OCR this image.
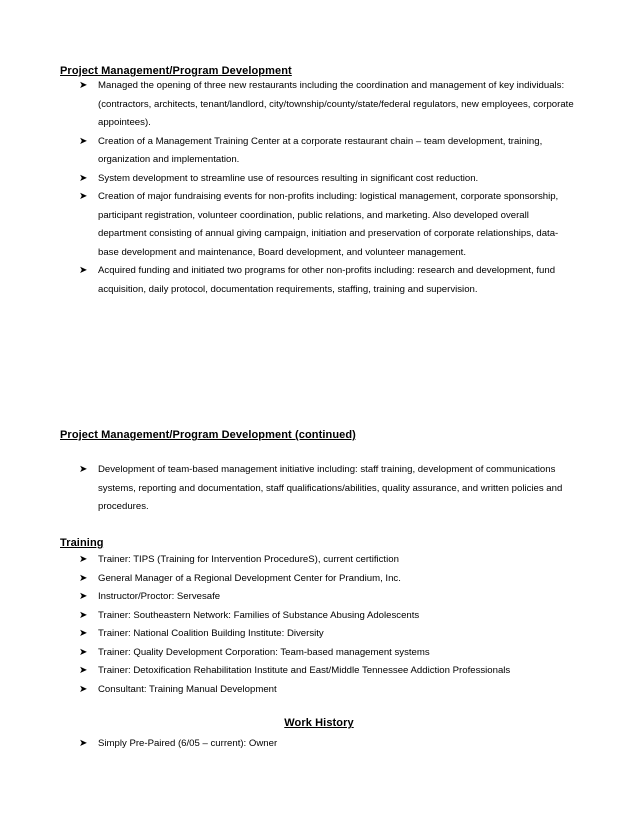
Project Management/Program Development
➤ Managed the opening of three new restaurants including the coordination and management of key individuals: (contractors, architects, tenant/landlord, city/township/county/state/federal regulators, new employees, corporate appointees).
➤ Creation of a Management Training Center at a corporate restaurant chain – team development, training, organization and implementation.
➤ System development to streamline use of resources resulting in significant cost reduction.
➤ Creation of major fundraising events for non-profits including: logistical management, corporate sponsorship, participant registration, volunteer coordination, public relations, and marketing. Also developed overall department consisting of annual giving campaign, initiation and preservation of corporate relationships, data-base development and maintenance, Board development, and volunteer management.
➤ Acquired funding and initiated two programs for other non-profits including: research and development, fund acquisition, daily protocol, documentation requirements, staffing, training and supervision.
Project Management/Program Development (continued)
➤ Development of team-based management initiative including: staff training, development of communications systems, reporting and documentation, staff qualifications/abilities, quality assurance, and written policies and procedures.
Training
➤ Trainer: TIPS (Training for Intervention ProcedureS), current certifiction
➤ General Manager of a Regional Development Center for Prandium, Inc.
➤ Instructor/Proctor: Servesafe
➤ Trainer: Southeastern Network: Families of Substance Abusing Adolescents
➤ Trainer: National Coalition Building Institute: Diversity
➤ Trainer: Quality Development Corporation: Team-based management systems
➤ Trainer: Detoxification Rehabilitation Institute and East/Middle Tennessee Addiction Professionals
➤ Consultant: Training Manual Development
Work History
➤ Simply Pre-Paired (6/05 – current): Owner
